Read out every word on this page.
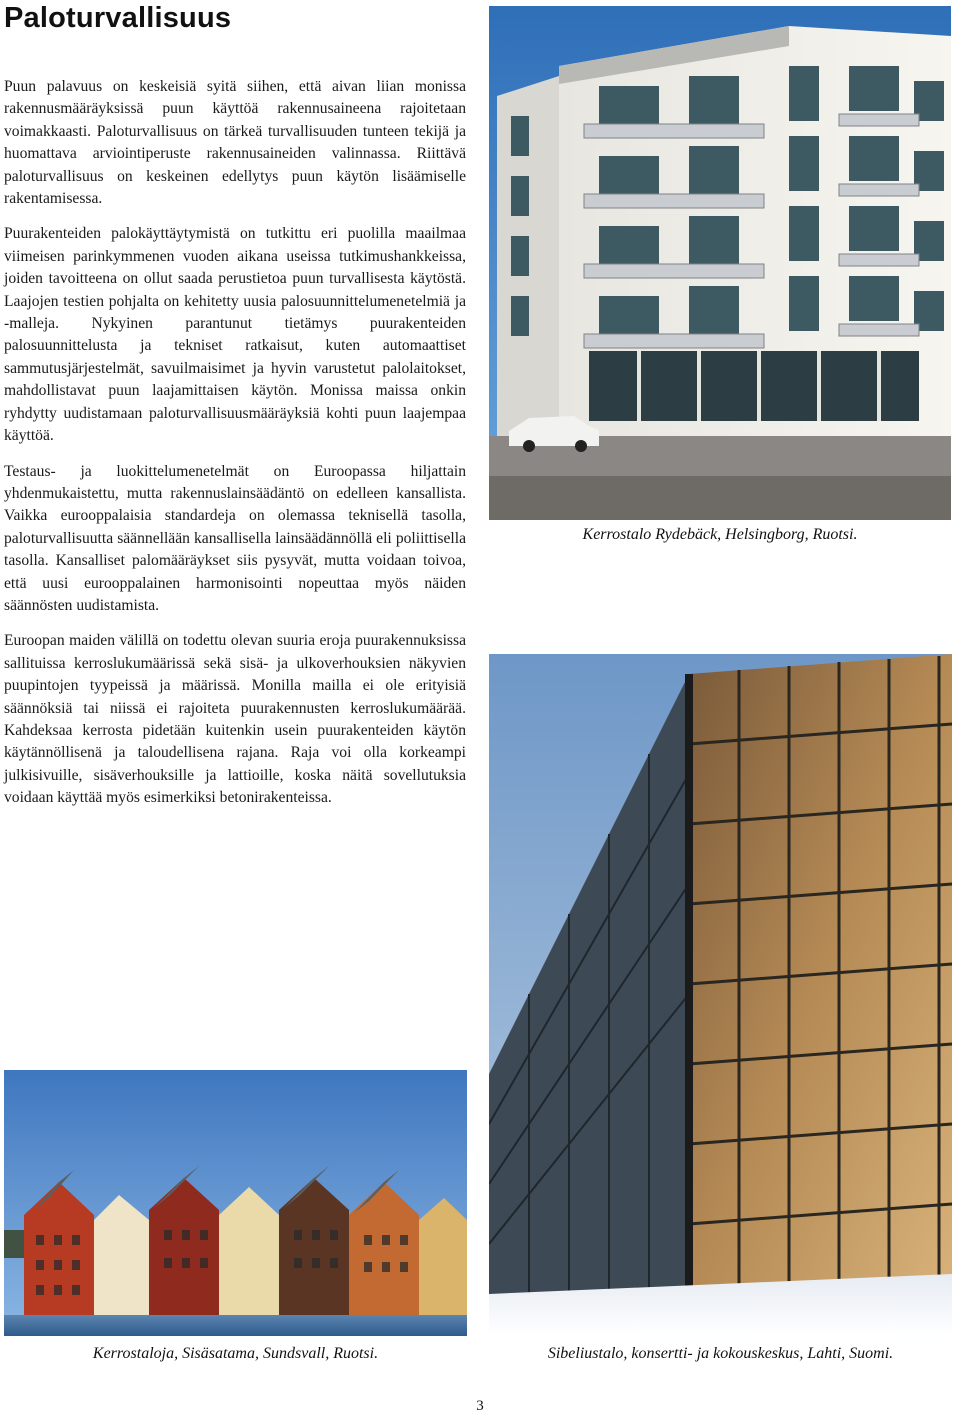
Paloturvallisuus

Puun palavuus on keskeisiä syitä siihen, että aivan liian monissa rakennusmääräyksissä puun käyttöä rakennusaineena rajoitetaan voimakkaasti. Paloturvallisuus on tärkeä turvallisuuden tunteen tekijä ja huomattava arviointiperuste rakennusaineiden valinnassa. Riittävä paloturvallisuus on keskeinen edellytys puun käytön lisäämiselle rakentamisessa.

Puurakenteiden palokäyttäytymistä on tutkittu eri puolilla maailmaa viimeisen parinkymmenen vuoden aikana useissa tutkimushankkeissa, joiden tavoitteena on ollut saada perustietoa puun turvallisesta käytöstä. Laajojen testien pohjalta on kehitetty uusia palosuunnittelumenetelmiä ja -malleja. Nykyinen parantunut tietämys puurakenteiden palosuunnittelusta ja tekniset ratkaisut, kuten automaattiset sammutusjärjestelmät, savuilmaisimet ja hyvin varustetut palolaitokset, mahdollistavat puun laajamittaisen käytön. Monissa maissa onkin ryhdytty uudistamaan paloturvallisuusmääräyksiä kohti puun laajempaa käyttöä.

Testaus- ja luokittelumenetelmät on Euroopassa hiljattain yhdenmukaistettu, mutta rakennuslainsäädäntö on edelleen kansallista. Vaikka eurooppalaisia standardeja on olemassa teknisellä tasolla, paloturvallisuutta säännellään kansallisella lainsäädännöllä eli poliittisella tasolla. Kansalliset palomääräykset siis pysyvät, mutta voidaan toivoa, että uusi eurooppalainen harmonisointi nopeuttaa myös näiden säännösten uudistamista.

Euroopan maiden välillä on todettu olevan suuria eroja puurakennuksissa sallituissa kerroslukumäärissä sekä sisä- ja ulkoverhouksien näkyvien puupintojen tyypeissä ja määrissä. Monilla mailla ei ole erityisiä säännöksiä tai niissä ei rajoiteta puurakennusten kerroslukumäärää. Kahdeksaa kerrosta pidetään kuitenkin usein puurakenteiden käytön käytännöllisenä ja taloudellisena rajana. Raja voi olla korkeampi julkisivuille, sisäverhouksille ja lattioille, koska näitä sovellutuksia voidaan käyttää myös esimerkiksi betonirakenteissa.

Kerrostalo Rydebäck, Helsingborg, Ruotsi.
Kerrostaloja, Sisäsatama, Sundsvall, Ruotsi.	Sibeliustalo, konsertti- ja kokouskeskus, Lahti, Suomi.
3
